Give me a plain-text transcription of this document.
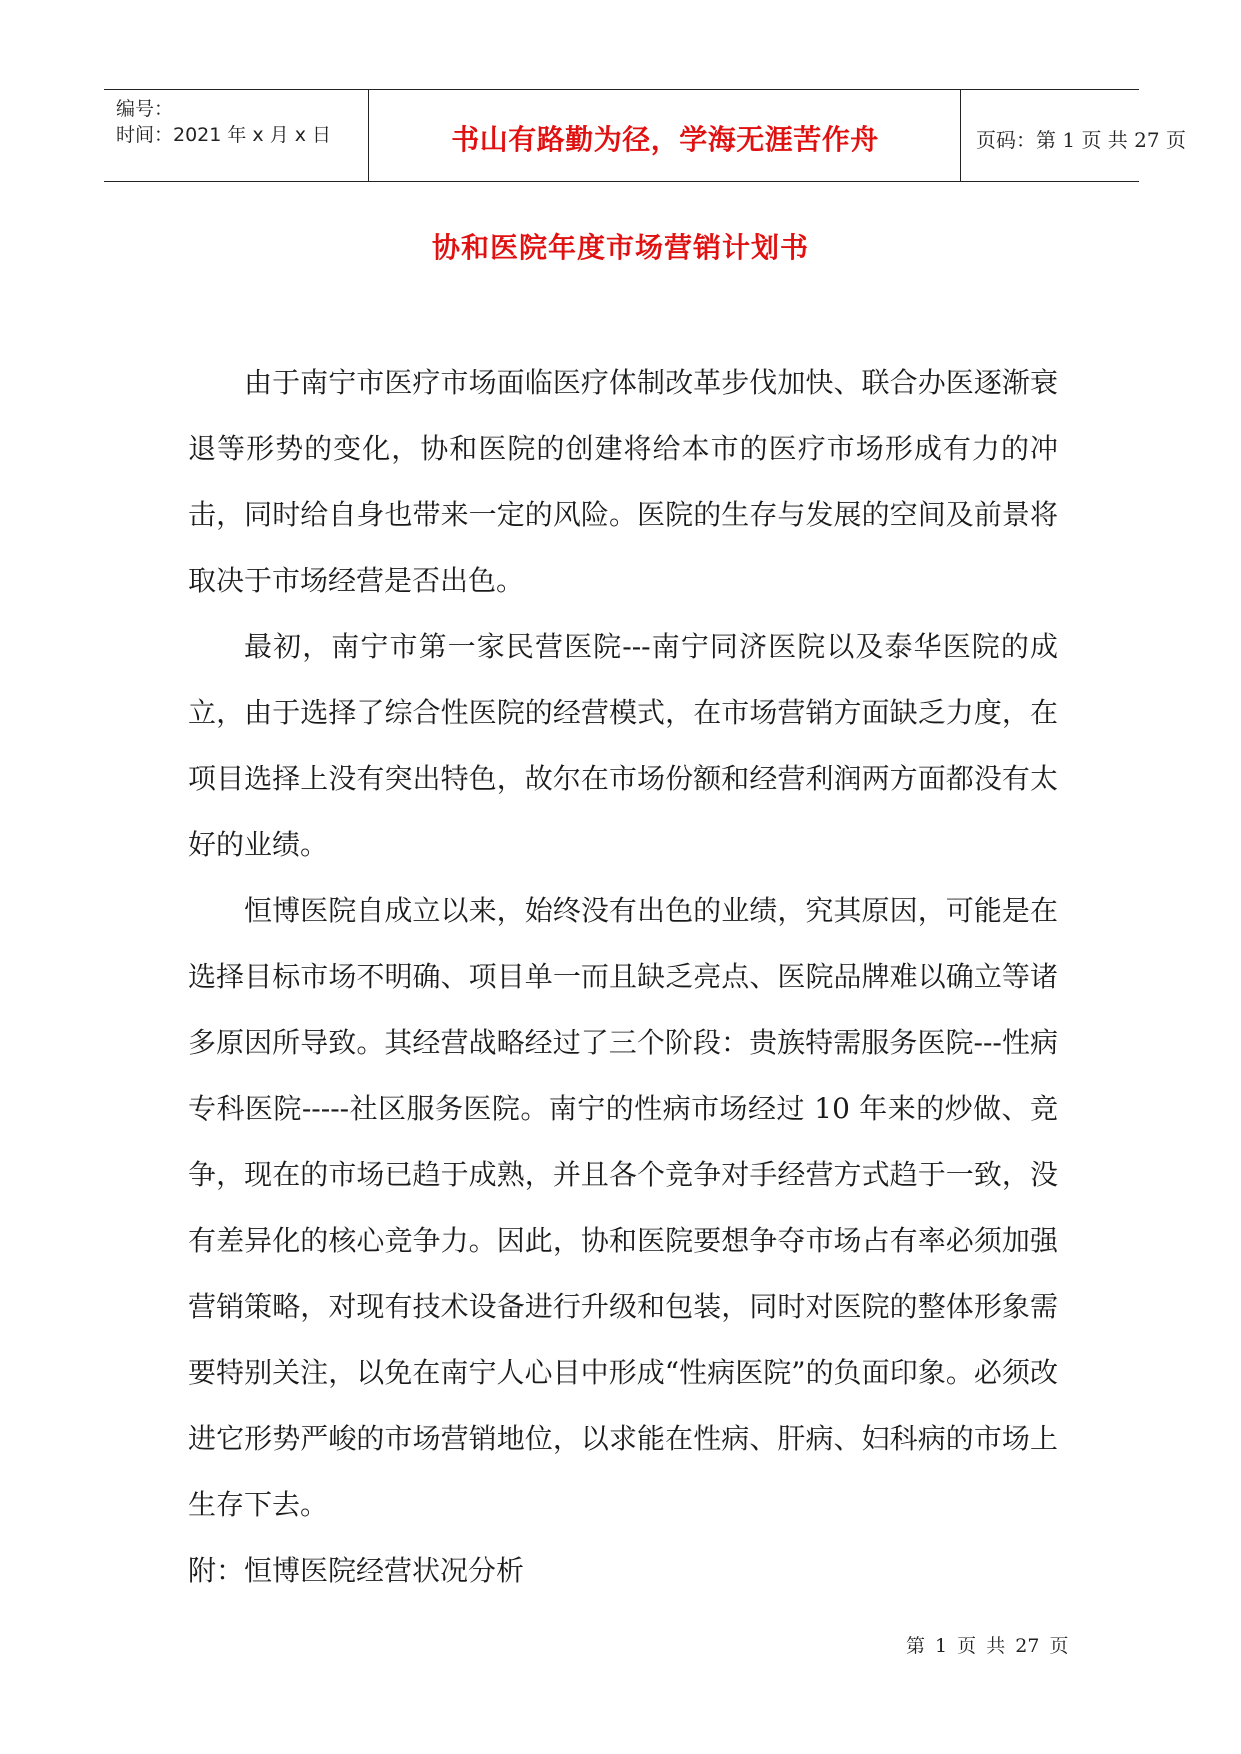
编号：
时间：2021 年 x 月 x 日	书山有路勤为径，学海无涯苦作舟	页码：第 1 页 共 27 页
协和医院年度市场营销计划书

由于南宁市医疗市场面临医疗体制改革步伐加快、联合办医逐渐衰退等形势的变化，协和医院的创建将给本市的医疗市场形成有力的冲击，同时给自身也带来一定的风险。医院的生存与发展的空间及前景将取决于市场经营是否出色。

最初，南宁市第一家民营医院---南宁同济医院以及泰华医院的成立，由于选择了综合性医院的经营模式，在市场营销方面缺乏力度，在项目选择上没有突出特色，故尔在市场份额和经营利润两方面都没有太好的业绩。

恒博医院自成立以来，始终没有出色的业绩，究其原因，可能是在选择目标市场不明确、项目单一而且缺乏亮点、医院品牌难以确立等诸多原因所导致。其经营战略经过了三个阶段：贵族特需服务医院---性病专科医院-----社区服务医院。南宁的性病市场经过 10 年来的炒做、竞争，现在的市场已趋于成熟，并且各个竞争对手经营方式趋于一致，没有差异化的核心竞争力。因此，协和医院要想争夺市场占有率必须加强营销策略，对现有技术设备进行升级和包装，同时对医院的整体形象需要特别关注，以免在南宁人心目中形成“性病医院”的负面印象。必须改进它形势严峻的市场营销地位，以求能在性病、肝病、妇科病的市场上生存下去。

附：恒博医院经营状况分析

第 1 页 共 27 页
